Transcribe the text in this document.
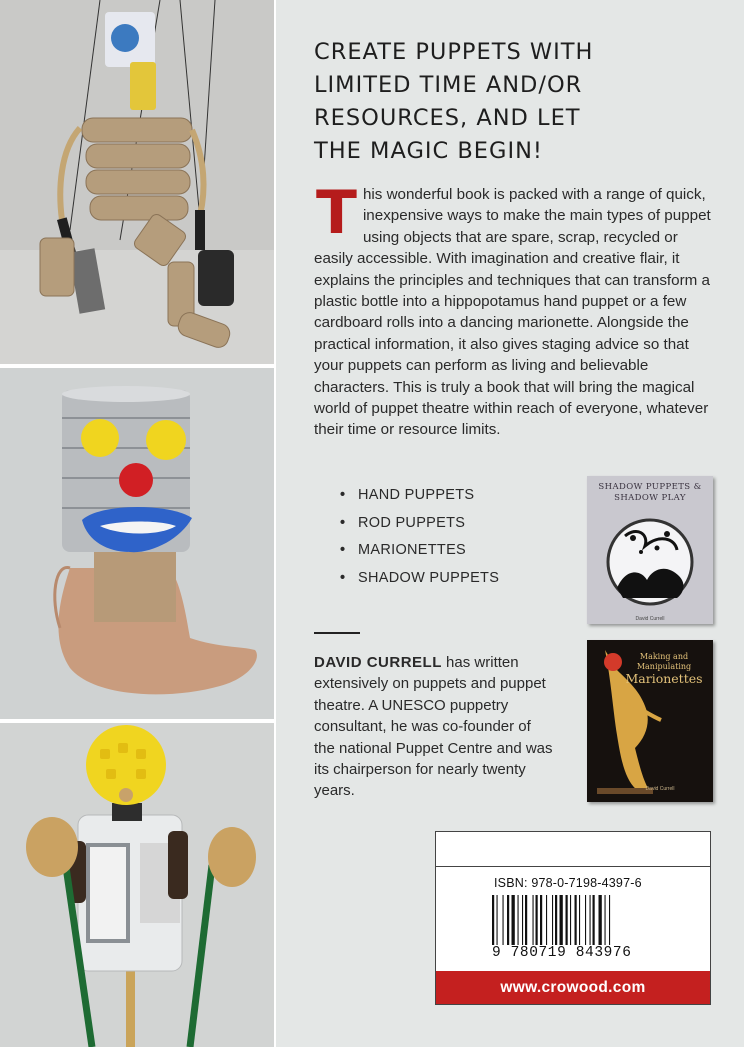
CREATE PUPPETS WITH LIMITED TIME AND/OR RESOURCES, AND LET THE MAGIC BEGIN!

This wonderful book is packed with a range of quick, inexpensive ways to make the main types of puppet using objects that are spare, scrap, recycled or easily accessible. With imagination and creative flair, it explains the principles and techniques that can transform a plastic bottle into a hippopotamus hand puppet or a few cardboard rolls into a dancing marionette. Alongside the practical information, it also gives staging advice so that your puppets can perform as living and believable characters. This is truly a book that will bring the magical world of puppet theatre within reach of everyone, whatever their time or resource limits.

• HAND PUPPETS
• ROD PUPPETS
• MARIONETTES
• SHADOW PUPPETS

DAVID CURRELL has written extensively on puppets and puppet theatre. A UNESCO puppetry consultant, he was co-founder of the national Puppet Centre and was its chairperson for nearly twenty years.

SHADOW PUPPETS & SHADOW PLAY
David Currell
Making and Manipulating
Marionettes
David Currell
ISBN: 978-0-7198-4397-6
9 780719 843976
www.crowood.com
